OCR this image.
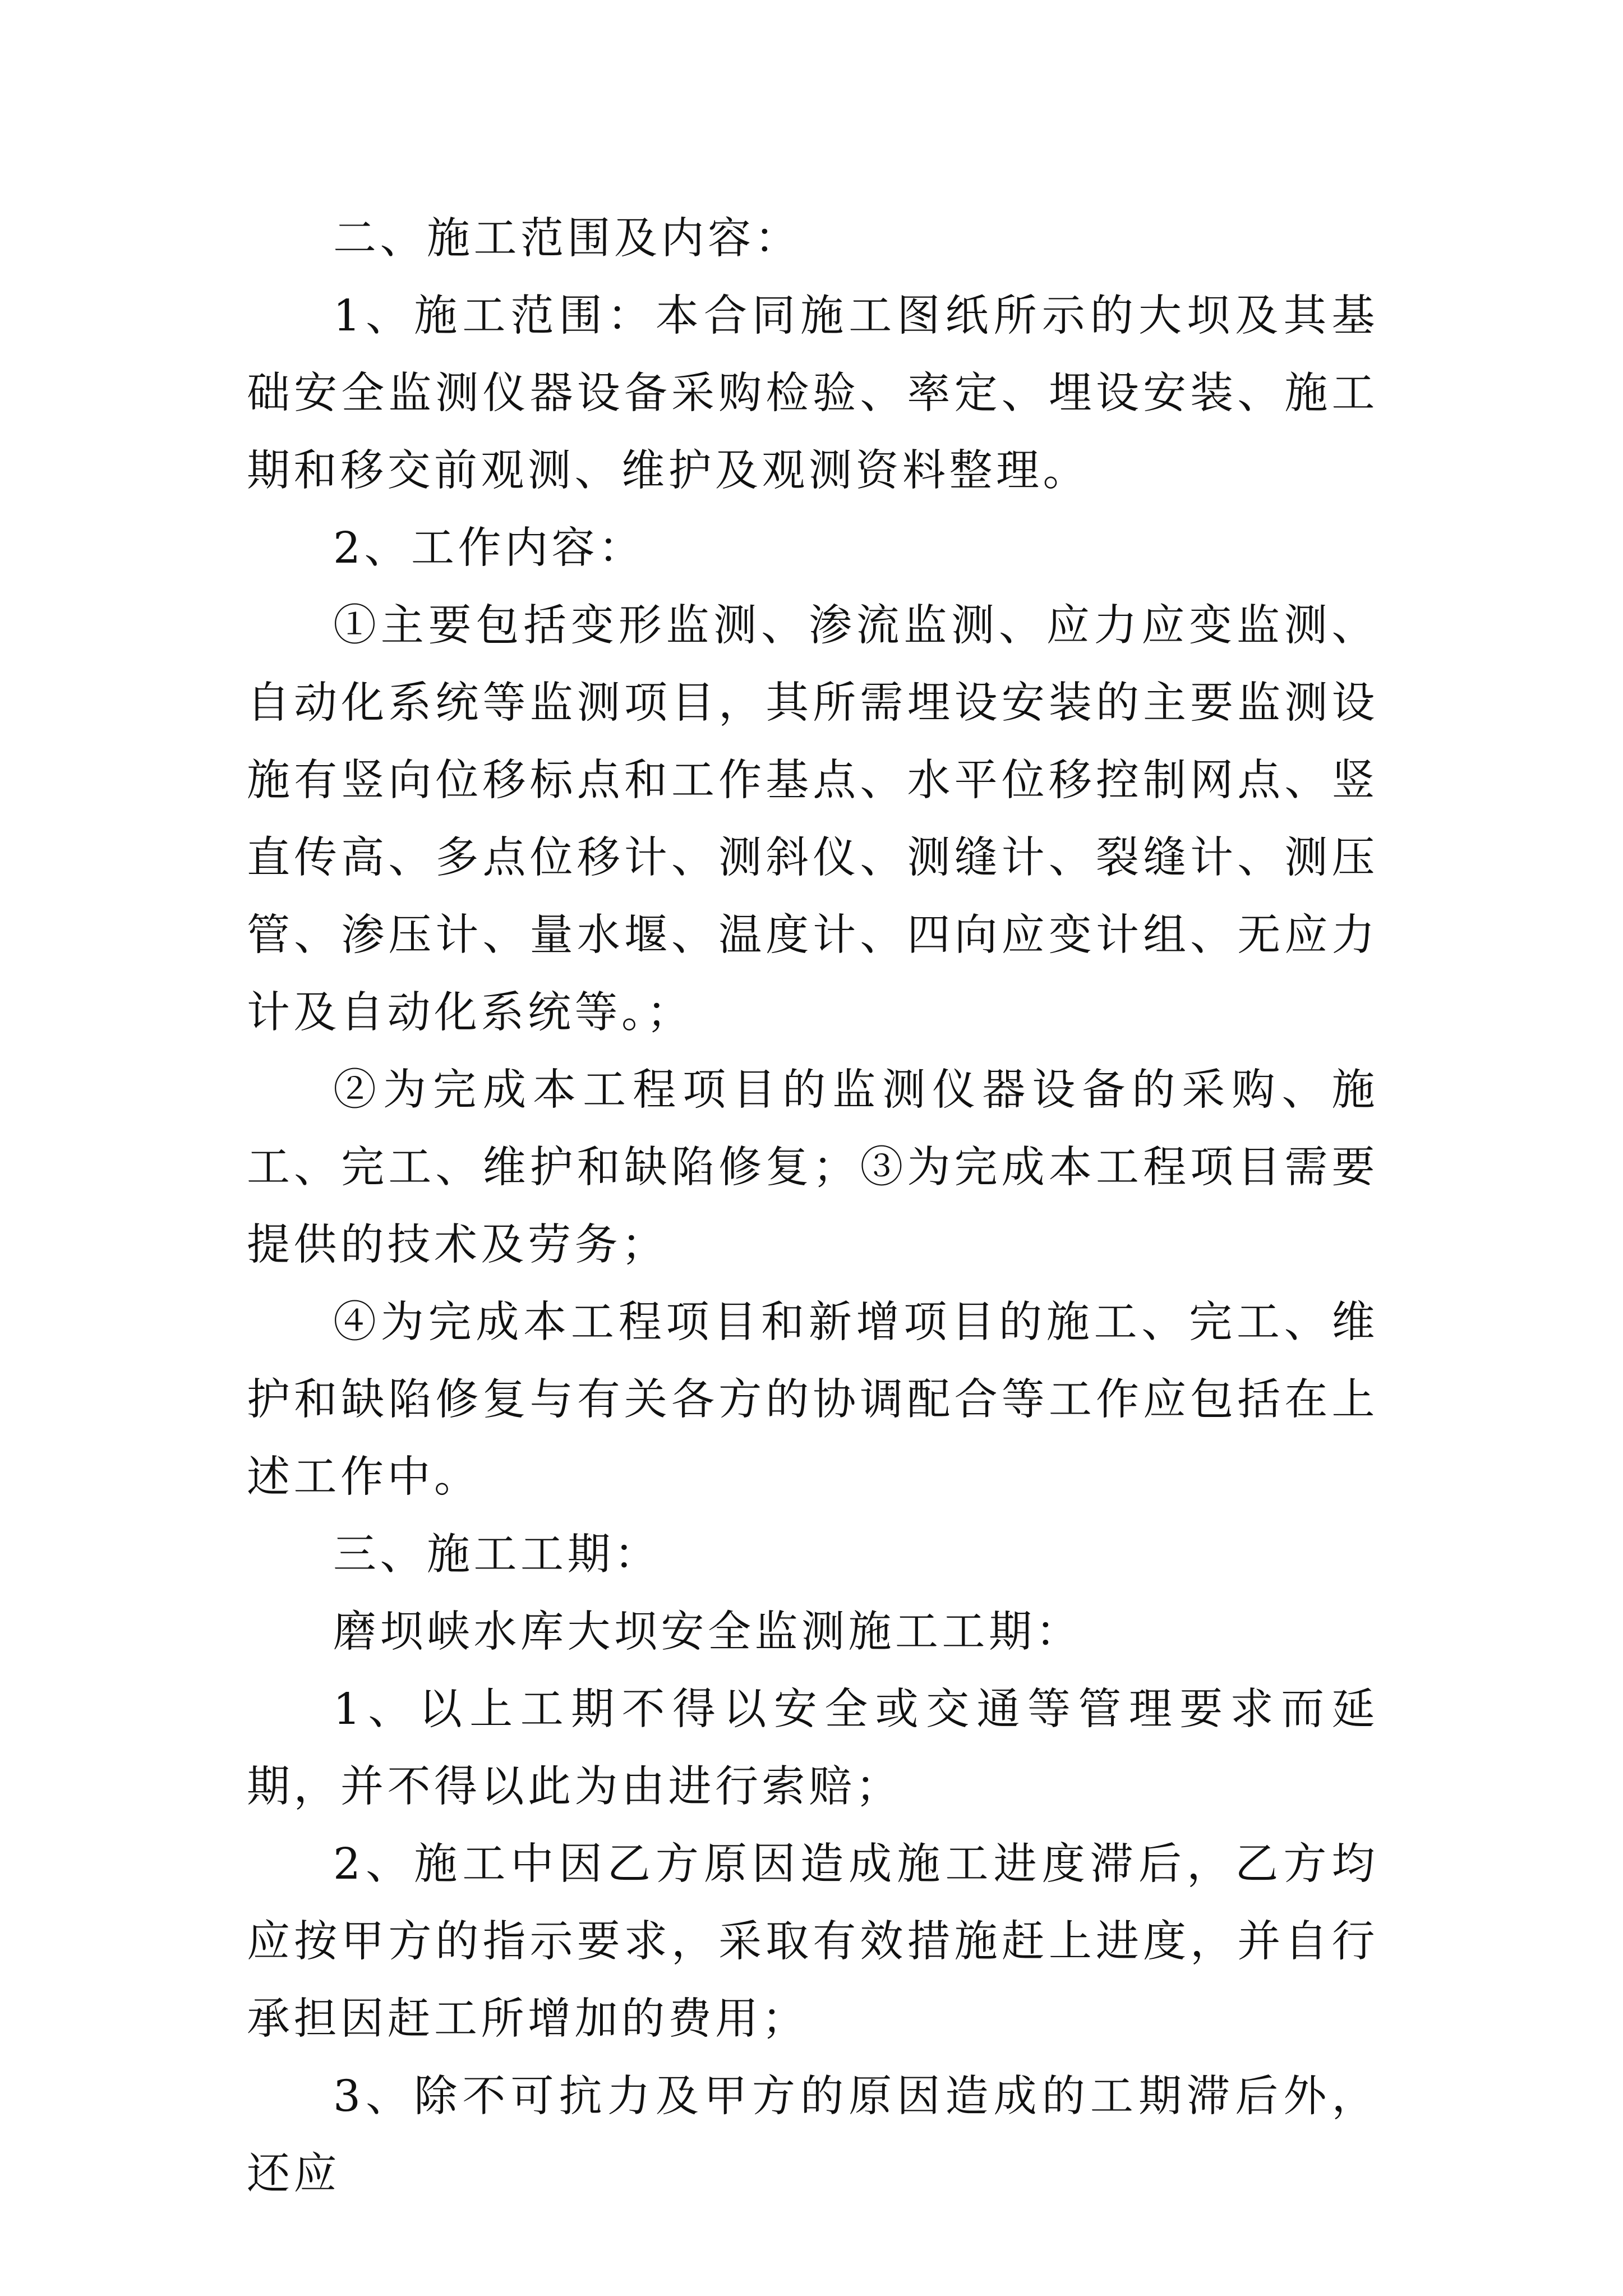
二、施工范围及内容：

1、施工范围：本合同施工图纸所示的大坝及其基础安全监测仪器设备采购检验、率定、埋设安装、施工期和移交前观测、维护及观测资料整理。

2、工作内容：

①主要包括变形监测、渗流监测、应力应变监测、自动化系统等监测项目，其所需埋设安装的主要监测设施有竖向位移标点和工作基点、水平位移控制网点、竖直传高、多点位移计、测斜仪、测缝计、裂缝计、测压管、渗压计、量水堰、温度计、四向应变计组、无应力计及自动化系统等。；

②为完成本工程项目的监测仪器设备的采购、施工、完工、维护和缺陷修复；③为完成本工程项目需要提供的技术及劳务；

④为完成本工程项目和新增项目的施工、完工、维护和缺陷修复与有关各方的协调配合等工作应包括在上述工作中。

三、施工工期：

磨坝峡水库大坝安全监测施工工期：

1、以上工期不得以安全或交通等管理要求而延期，并不得以此为由进行索赔；

2、施工中因乙方原因造成施工进度滞后，乙方均应按甲方的指示要求，采取有效措施赶上进度，并自行承担因赶工所增加的费用；

3、除不可抗力及甲方的原因造成的工期滞后外，还应
